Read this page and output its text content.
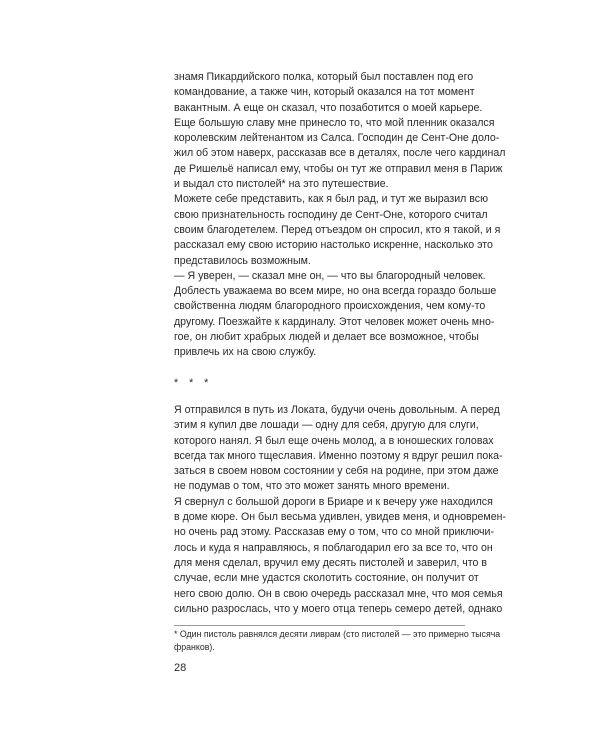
знамя Пикардийского полка, который был поставлен под его
командование, а также чин, который оказался на тот момент
вакантным. А еще он сказал, что позаботится о моей карьере.

Еще большую славу мне принесло то, что мой пленник оказался
королевским лейтенантом из Салса. Господин де Сент-Оне доло-
жил об этом наверх, рассказав все в деталях, после чего кардинал
де Ришельё написал ему, чтобы он тут же отправил меня в Париж
и выдал сто пистолей* на это путешествие.

Можете себе представить, как я был рад, и тут же выразил всю
свою признательность господину де Сент-Оне, которого считал
своим благодетелем. Перед отъездом он спросил, кто я такой, и я
рассказал ему свою историю настолько искренне, насколько это
представилось возможным.

— Я уверен, — сказал мне он, — что вы благородный человек.
Доблесть уважаема во всем мире, но она всегда гораздо больше
свойственна людям благородного происхождения, чем кому-то
другому. Поезжайте к кардиналу. Этот человек может очень мно-
гое, он любит храбрых людей и делает все возможное, чтобы
привлечь их на свою службу.

* * *

Я отправился в путь из Локата, будучи очень довольным. А перед
этим я купил две лошади — одну для себя, другую для слуги,
которого нанял. Я был еще очень молод, а в юношеских головах
всегда так много тщеславия. Именно поэтому я вдруг решил пока-
заться в своем новом состоянии у себя на родине, при этом даже
не подумав о том, что это может занять много времени.

Я свернул с большой дороги в Бриаре и к вечеру уже находился
в доме кюре. Он был весьма удивлен, увидев меня, и одновремен-
но очень рад этому. Рассказав ему о том, что со мной приключи-
лось и куда я направляюсь, я поблагодарил его за все то, что он
для меня сделал, вручил ему десять пистолей и заверил, что в
случае, если мне удастся сколотить состояние, он получит от
него свою долю. Он в свою очередь рассказал мне, что моя семья
сильно разрослась, что у моего отца теперь семеро детей, однако

* Один пистоль равнялся десяти ливрам (сто пистолей — это примерно тысяча
франков).
28
